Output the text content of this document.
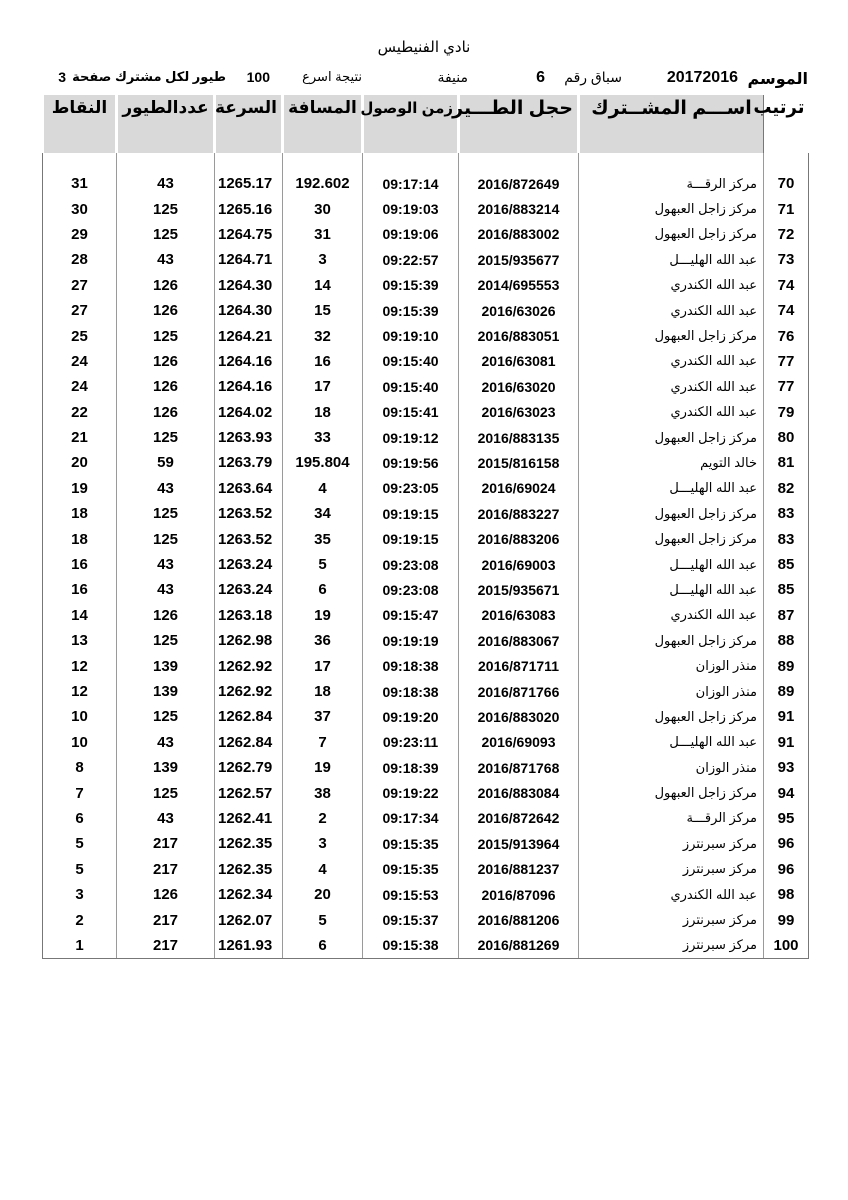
نادي الفنيطيس
الموسم
20172016
سباق رقم
6
منيفة
نتيجة اسرع
100
طيور لكل مشترك صفحة
3
ترتيب	اســـم المشــترك	حجل الطـــير	زمن الوصول	المسافة	السرعة	عددالطيور	النقاط

70	مركز الرقـــة	2016/872649	09:17:14	192.602	1265.17	43	31
71	مركز زاجل العبهول	2016/883214	09:19:03	30	1265.16	125	30
72	مركز زاجل العبهول	2016/883002	09:19:06	31	1264.75	125	29
73	عبد الله الهليـــل	2015/935677	09:22:57	3	1264.71	43	28
74	عبد الله الكندري	2014/695553	09:15:39	14	1264.30	126	27
74	عبد الله الكندري	2016/63026	09:15:39	15	1264.30	126	27
76	مركز زاجل العبهول	2016/883051	09:19:10	32	1264.21	125	25
77	عبد الله الكندري	2016/63081	09:15:40	16	1264.16	126	24
77	عبد الله الكندري	2016/63020	09:15:40	17	1264.16	126	24
79	عبد الله الكندري	2016/63023	09:15:41	18	1264.02	126	22
80	مركز زاجل العبهول	2016/883135	09:19:12	33	1263.93	125	21
81	خالد التويم	2015/816158	09:19:56	195.804	1263.79	59	20
82	عبد الله الهليـــل	2016/69024	09:23:05	4	1263.64	43	19
83	مركز زاجل العبهول	2016/883227	09:19:15	34	1263.52	125	18
83	مركز زاجل العبهول	2016/883206	09:19:15	35	1263.52	125	18
85	عبد الله الهليـــل	2016/69003	09:23:08	5	1263.24	43	16
85	عبد الله الهليـــل	2015/935671	09:23:08	6	1263.24	43	16
87	عبد الله الكندري	2016/63083	09:15:47	19	1263.18	126	14
88	مركز زاجل العبهول	2016/883067	09:19:19	36	1262.98	125	13
89	منذر الوزان	2016/871711	09:18:38	17	1262.92	139	12
89	منذر الوزان	2016/871766	09:18:38	18	1262.92	139	12
91	مركز زاجل العبهول	2016/883020	09:19:20	37	1262.84	125	10
91	عبد الله الهليـــل	2016/69093	09:23:11	7	1262.84	43	10
93	منذر الوزان	2016/871768	09:18:39	19	1262.79	139	8
94	مركز زاجل العبهول	2016/883084	09:19:22	38	1262.57	125	7
95	مركز الرقـــة	2016/872642	09:17:34	2	1262.41	43	6
96	مركز سبرنترز	2015/913964	09:15:35	3	1262.35	217	5
96	مركز سبرنترز	2016/881237	09:15:35	4	1262.35	217	5
98	عبد الله الكندري	2016/87096	09:15:53	20	1262.34	126	3
99	مركز سبرنترز	2016/881206	09:15:37	5	1262.07	217	2
100	مركز سبرنترز	2016/881269	09:15:38	6	1261.93	217	1
